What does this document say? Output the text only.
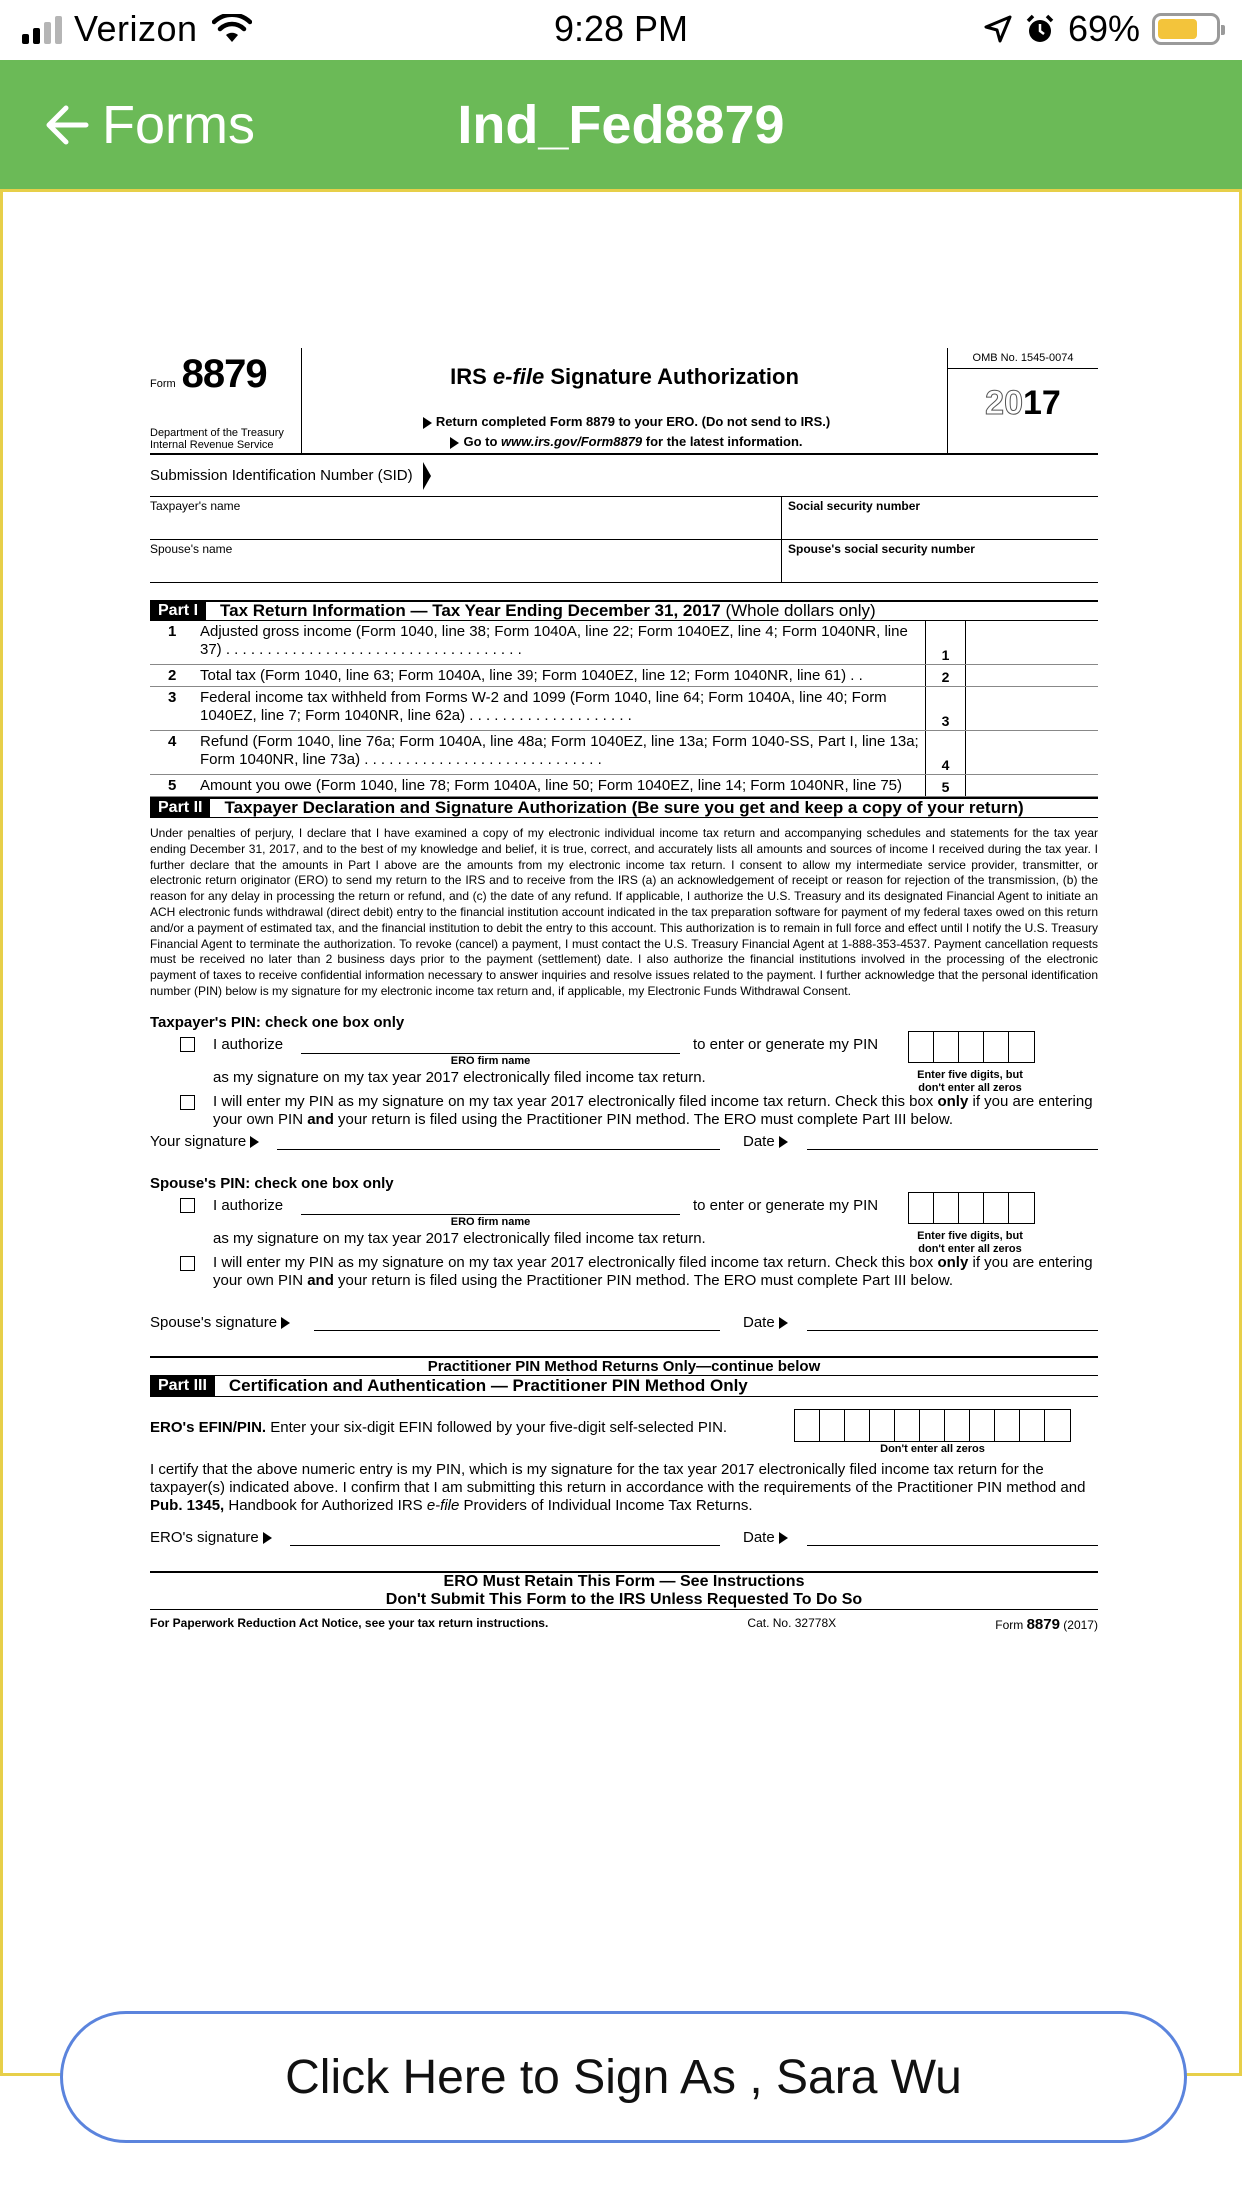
Verizon	9:28 PM	69%
Forms	Ind_Fed8879
Form 8879
Department of the Treasury
Internal Revenue Service
IRS e-file Signature Authorization
Return completed Form 8879 to your ERO. (Do not send to IRS.)
Go to www.irs.gov/Form8879 for the latest information.
OMB No. 1545-0074
2017
Submission Identification Number (SID)
Taxpayer's name	Social security number
Spouse's name	Spouse's social security number
Part I	Tax Return Information — Tax Year Ending December 31, 2017 (Whole dollars only)
1	Adjusted gross income (Form 1040, line 38; Form 1040A, line 22; Form 1040EZ, line 4; Form 1040NR, line 37) . . . . . . . . . . . . . . . . . . . . . . . . . . . . . . . . . . . .	1
2	Total tax (Form 1040, line 63; Form 1040A, line 39; Form 1040EZ, line 12; Form 1040NR, line 61) . .	2
3	Federal income tax withheld from Forms W-2 and 1099 (Form 1040, line 64; Form 1040A, line 40; Form 1040EZ, line 7; Form 1040NR, line 62a) . . . . . . . . . . . . . . . . . . . .	3
4	Refund (Form 1040, line 76a; Form 1040A, line 48a; Form 1040EZ, line 13a; Form 1040-SS, Part I, line 13a; Form 1040NR, line 73a) . . . . . . . . . . . . . . . . . . . . . . . . . . . . .	4
5	Amount you owe (Form 1040, line 78; Form 1040A, line 50; Form 1040EZ, line 14; Form 1040NR, line 75)	5
Part II	Taxpayer Declaration and Signature Authorization (Be sure you get and keep a copy of your return)
Under penalties of perjury, I declare that I have examined a copy of my electronic individual income tax return and accompanying schedules and statements for the tax year ending December 31, 2017, and to the best of my knowledge and belief, it is true, correct, and accurately lists all amounts and sources of income I received during the tax year. I further declare that the amounts in Part I above are the amounts from my electronic income tax return. I consent to allow my intermediate service provider, transmitter, or electronic return originator (ERO) to send my return to the IRS and to receive from the IRS (a) an acknowledgement of receipt or reason for rejection of the transmission, (b) the reason for any delay in processing the return or refund, and (c) the date of any refund. If applicable, I authorize the U.S. Treasury and its designated Financial Agent to initiate an ACH electronic funds withdrawal (direct debit) entry to the financial institution account indicated in the tax preparation software for payment of my federal taxes owed on this return and/or a payment of estimated tax, and the financial institution to debit the entry to this account. This authorization is to remain in full force and effect until I notify the U.S. Treasury Financial Agent to terminate the authorization. To revoke (cancel) a payment, I must contact the U.S. Treasury Financial Agent at 1-888-353-4537. Payment cancellation requests must be received no later than 2 business days prior to the payment (settlement) date. I also authorize the financial institutions involved in the processing of the electronic payment of taxes to receive confidential information necessary to answer inquiries and resolve issues related to the payment. I further acknowledge that the personal identification number (PIN) below is my signature for my electronic income tax return and, if applicable, my Electronic Funds Withdrawal Consent.
Taxpayer's PIN: check one box only
I authorize
ERO firm name
to enter or generate my PIN
Enter five digits, but
don't enter all zeros
as my signature on my tax year 2017 electronically filed income tax return.
I will enter my PIN as my signature on my tax year 2017 electronically filed income tax return. Check this box only if you are entering your own PIN and your return is filed using the Practitioner PIN method. The ERO must complete Part III below.
Your signature	Date
Spouse's PIN: check one box only
I authorize
ERO firm name
to enter or generate my PIN
Enter five digits, but
don't enter all zeros
as my signature on my tax year 2017 electronically filed income tax return.
I will enter my PIN as my signature on my tax year 2017 electronically filed income tax return. Check this box only if you are entering your own PIN and your return is filed using the Practitioner PIN method. The ERO must complete Part III below.
Spouse's signature	Date
Practitioner PIN Method Returns Only—continue below
Part III	Certification and Authentication — Practitioner PIN Method Only
ERO's EFIN/PIN. Enter your six-digit EFIN followed by your five-digit self-selected PIN.
Don't enter all zeros
I certify that the above numeric entry is my PIN, which is my signature for the tax year 2017 electronically filed income tax return for the taxpayer(s) indicated above. I confirm that I am submitting this return in accordance with the requirements of the Practitioner PIN method and Pub. 1345, Handbook for Authorized IRS e-file Providers of Individual Income Tax Returns.
ERO's signature	Date
ERO Must Retain This Form — See Instructions
Don't Submit This Form to the IRS Unless Requested To Do So
For Paperwork Reduction Act Notice, see your tax return instructions.	Cat. No. 32778X	Form 8879 (2017)
Click Here to Sign As , Sara Wu
